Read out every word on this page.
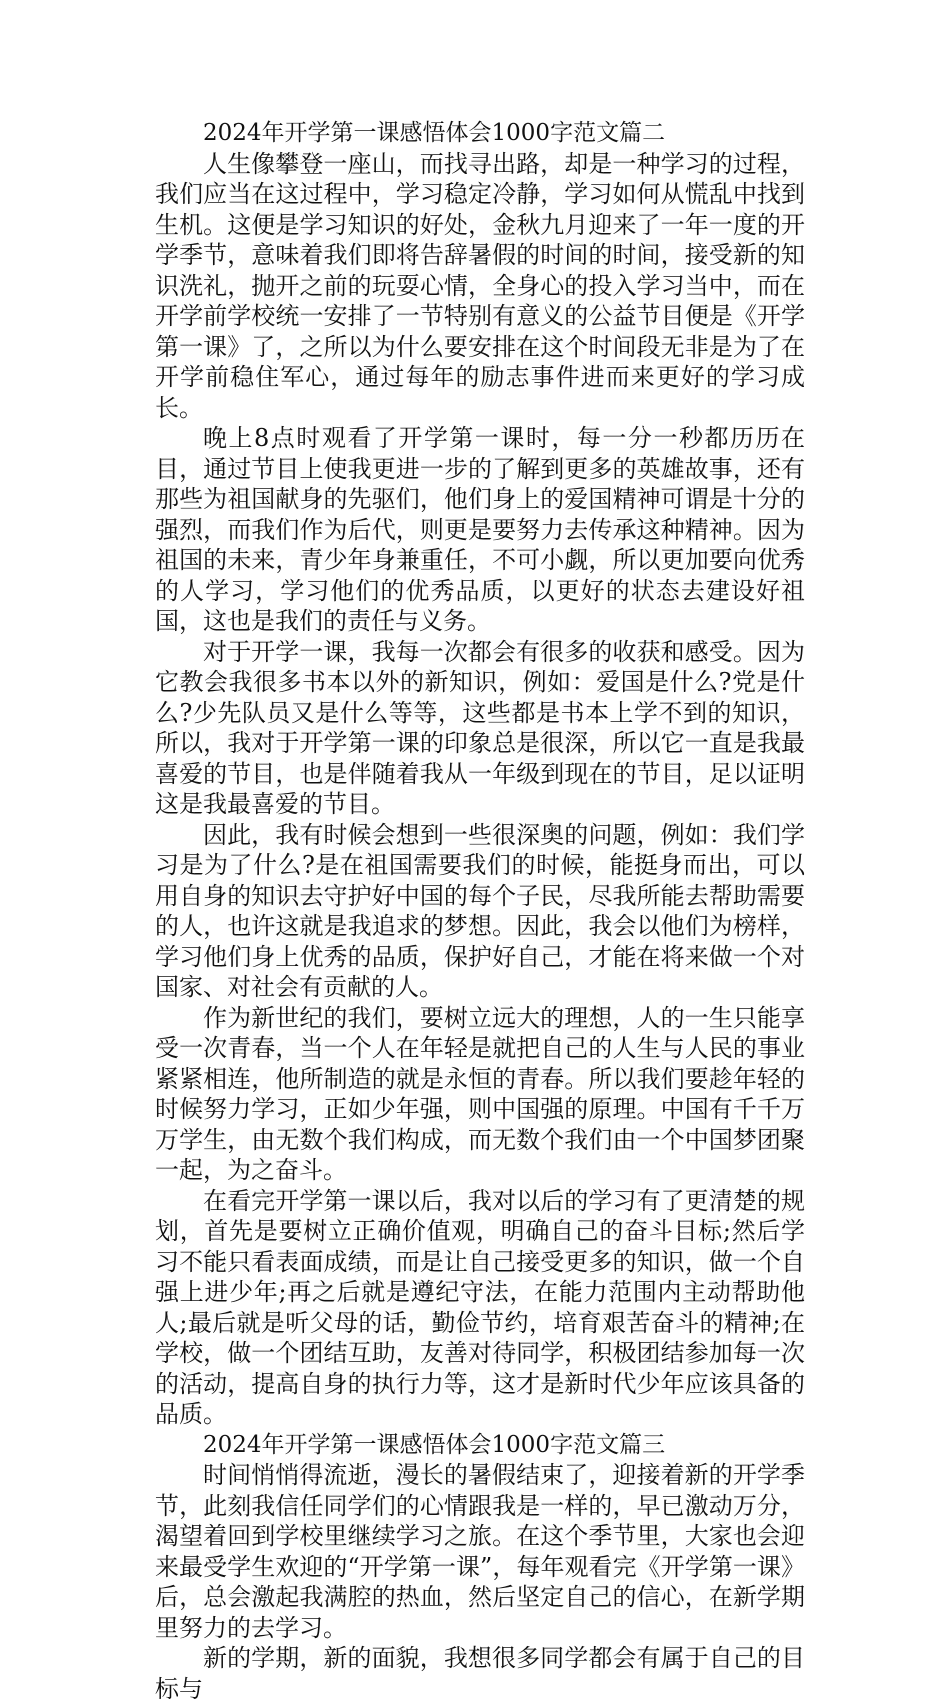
2024年开学第一课感悟体会1000字范文篇二

人生像攀登一座山，而找寻出路，却是一种学习的过程，我们应当在这过程中，学习稳定冷静，学习如何从慌乱中找到生机。这便是学习知识的好处，金秋九月迎来了一年一度的开学季节，意味着我们即将告辞暑假的时间的时间，接受新的知识洗礼，抛开之前的玩耍心情，全身心的投入学习当中，而在开学前学校统一安排了一节特别有意义的公益节目便是《开学第一课》了，之所以为什么要安排在这个时间段无非是为了在开学前稳住军心，通过每年的励志事件进而来更好的学习成长。

晚上8点时观看了开学第一课时，每一分一秒都历历在目，通过节目上使我更进一步的了解到更多的英雄故事，还有那些为祖国献身的先驱们，他们身上的爱国精神可谓是十分的强烈，而我们作为后代，则更是要努力去传承这种精神。因为祖国的未来，青少年身兼重任，不可小觑，所以更加要向优秀的人学习，学习他们的优秀品质，以更好的状态去建设好祖国，这也是我们的责任与义务。

对于开学一课，我每一次都会有很多的收获和感受。因为它教会我很多书本以外的新知识，例如：爱国是什么?党是什么?少先队员又是什么等等，这些都是书本上学不到的知识，所以，我对于开学第一课的印象总是很深，所以它一直是我最喜爱的节目，也是伴随着我从一年级到现在的节目，足以证明这是我最喜爱的节目。

因此，我有时候会想到一些很深奥的问题，例如：我们学习是为了什么?是在祖国需要我们的时候，能挺身而出，可以用自身的知识去守护好中国的每个子民，尽我所能去帮助需要的人，也许这就是我追求的梦想。因此，我会以他们为榜样，学习他们身上优秀的品质，保护好自己，才能在将来做一个对国家、对社会有贡献的人。

作为新世纪的我们，要树立远大的理想，人的一生只能享受一次青春，当一个人在年轻是就把自己的人生与人民的事业紧紧相连，他所制造的就是永恒的青春。所以我们要趁年轻的时候努力学习，正如少年强，则中国强的原理。中国有千千万万学生，由无数个我们构成，而无数个我们由一个中国梦团聚一起，为之奋斗。

在看完开学第一课以后，我对以后的学习有了更清楚的规划，首先是要树立正确价值观，明确自己的奋斗目标;然后学习不能只看表面成绩，而是让自己接受更多的知识，做一个自强上进少年;再之后就是遵纪守法，在能力范围内主动帮助他人;最后就是听父母的话，勤俭节约，培育艰苦奋斗的精神;在学校，做一个团结互助，友善对待同学，积极团结参加每一次的活动，提高自身的执行力等，这才是新时代少年应该具备的品质。

2024年开学第一课感悟体会1000字范文篇三

时间悄悄得流逝，漫长的暑假结束了，迎接着新的开学季节，此刻我信任同学们的心情跟我是一样的，早已激动万分，渴望着回到学校里继续学习之旅。在这个季节里，大家也会迎来最受学生欢迎的“开学第一课”，每年观看完《开学第一课》后，总会激起我满腔的热血，然后坚定自己的信心，在新学期里努力的去学习。

新的学期，新的面貌，我想很多同学都会有属于自己的目标与
